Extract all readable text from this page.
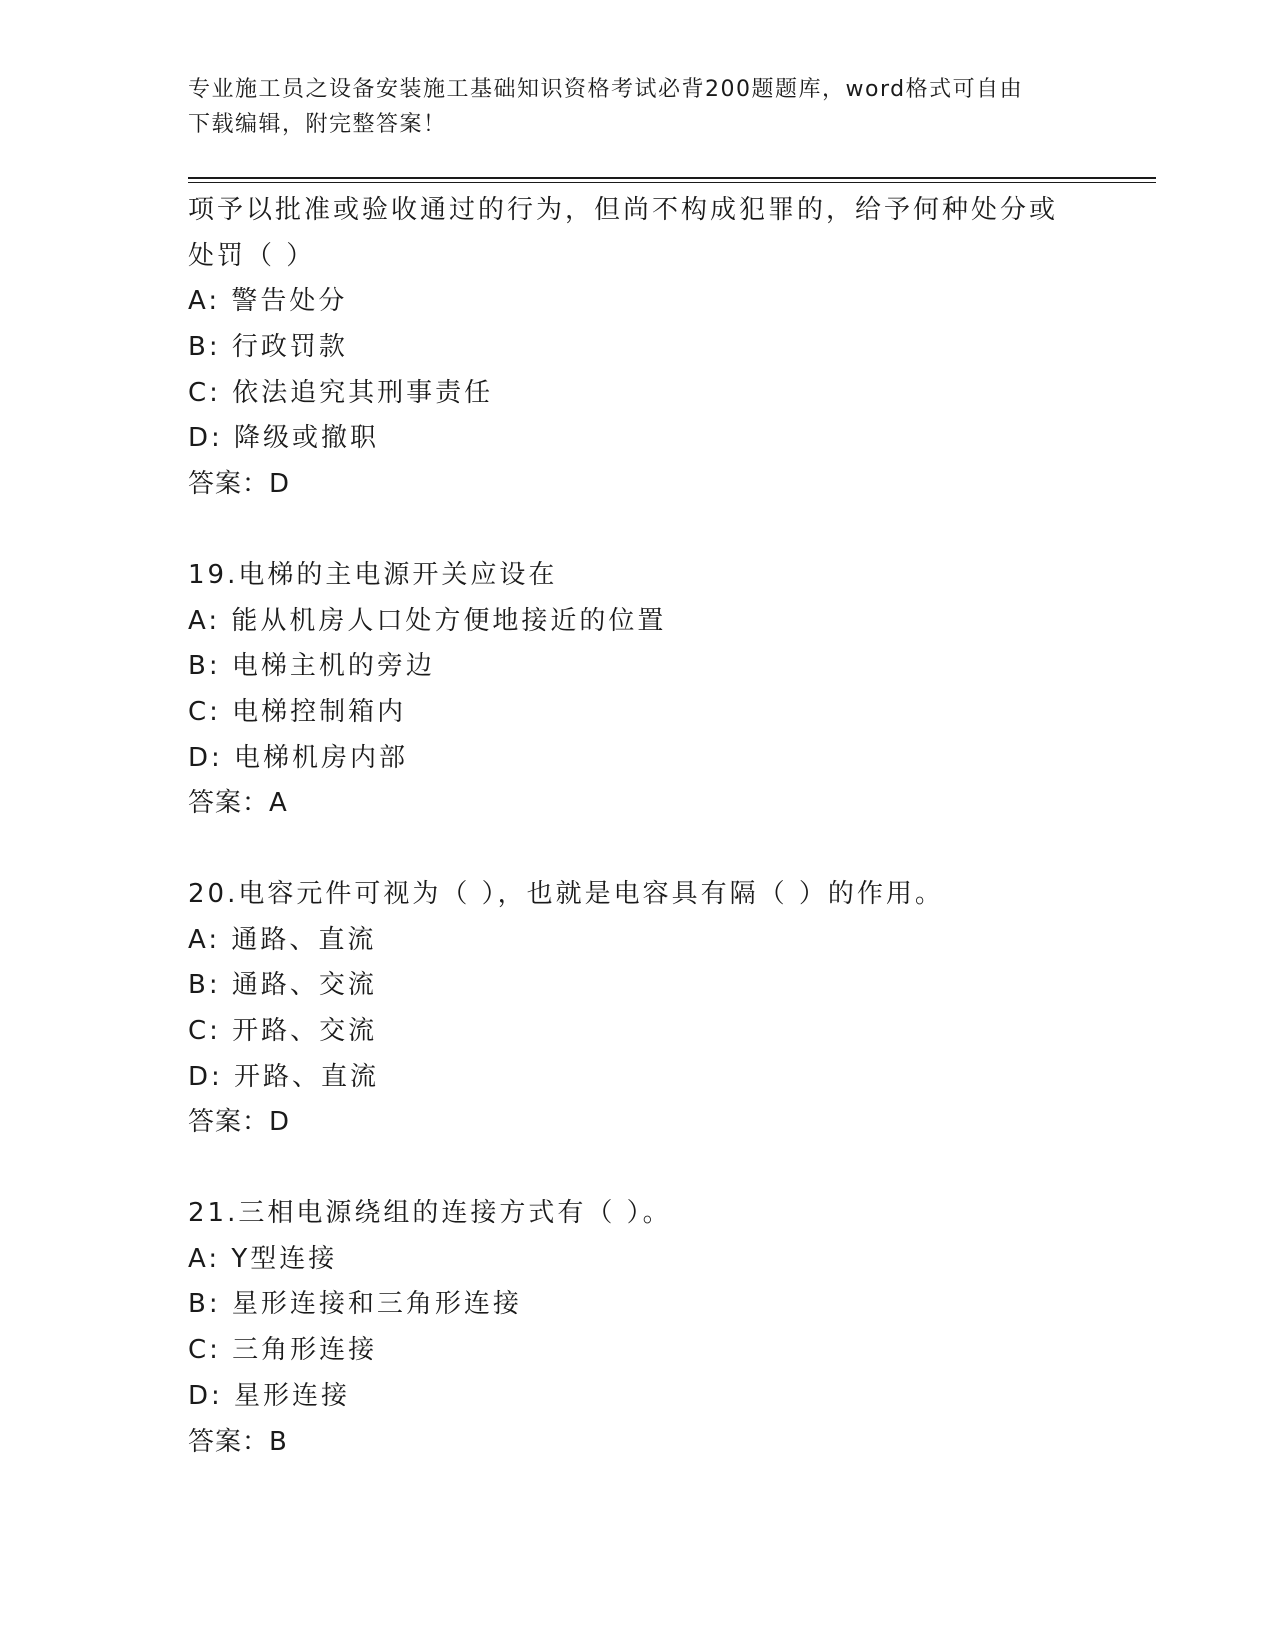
专业施工员之设备安装施工基础知识资格考试必背200题题库，word格式可自由
下载编辑，附完整答案！
项予以批准或验收通过的行为，但尚不构成犯罪的，给予何种处分或
处罚（ ）
A: 警告处分
B: 行政罚款
C: 依法追究其刑事责任
D: 降级或撤职
答案：D
19.电梯的主电源开关应设在
A: 能从机房人口处方便地接近的位置
B: 电梯主机的旁边
C: 电梯控制箱内
D: 电梯机房内部
答案：A
20.电容元件可视为（ ），也就是电容具有隔（ ）的作用。
A: 通路、直流
B: 通路、交流
C: 开路、交流
D: 开路、直流
答案：D
21.三相电源绕组的连接方式有（ ）。
A: Y型连接
B: 星形连接和三角形连接
C: 三角形连接
D: 星形连接
答案：B
